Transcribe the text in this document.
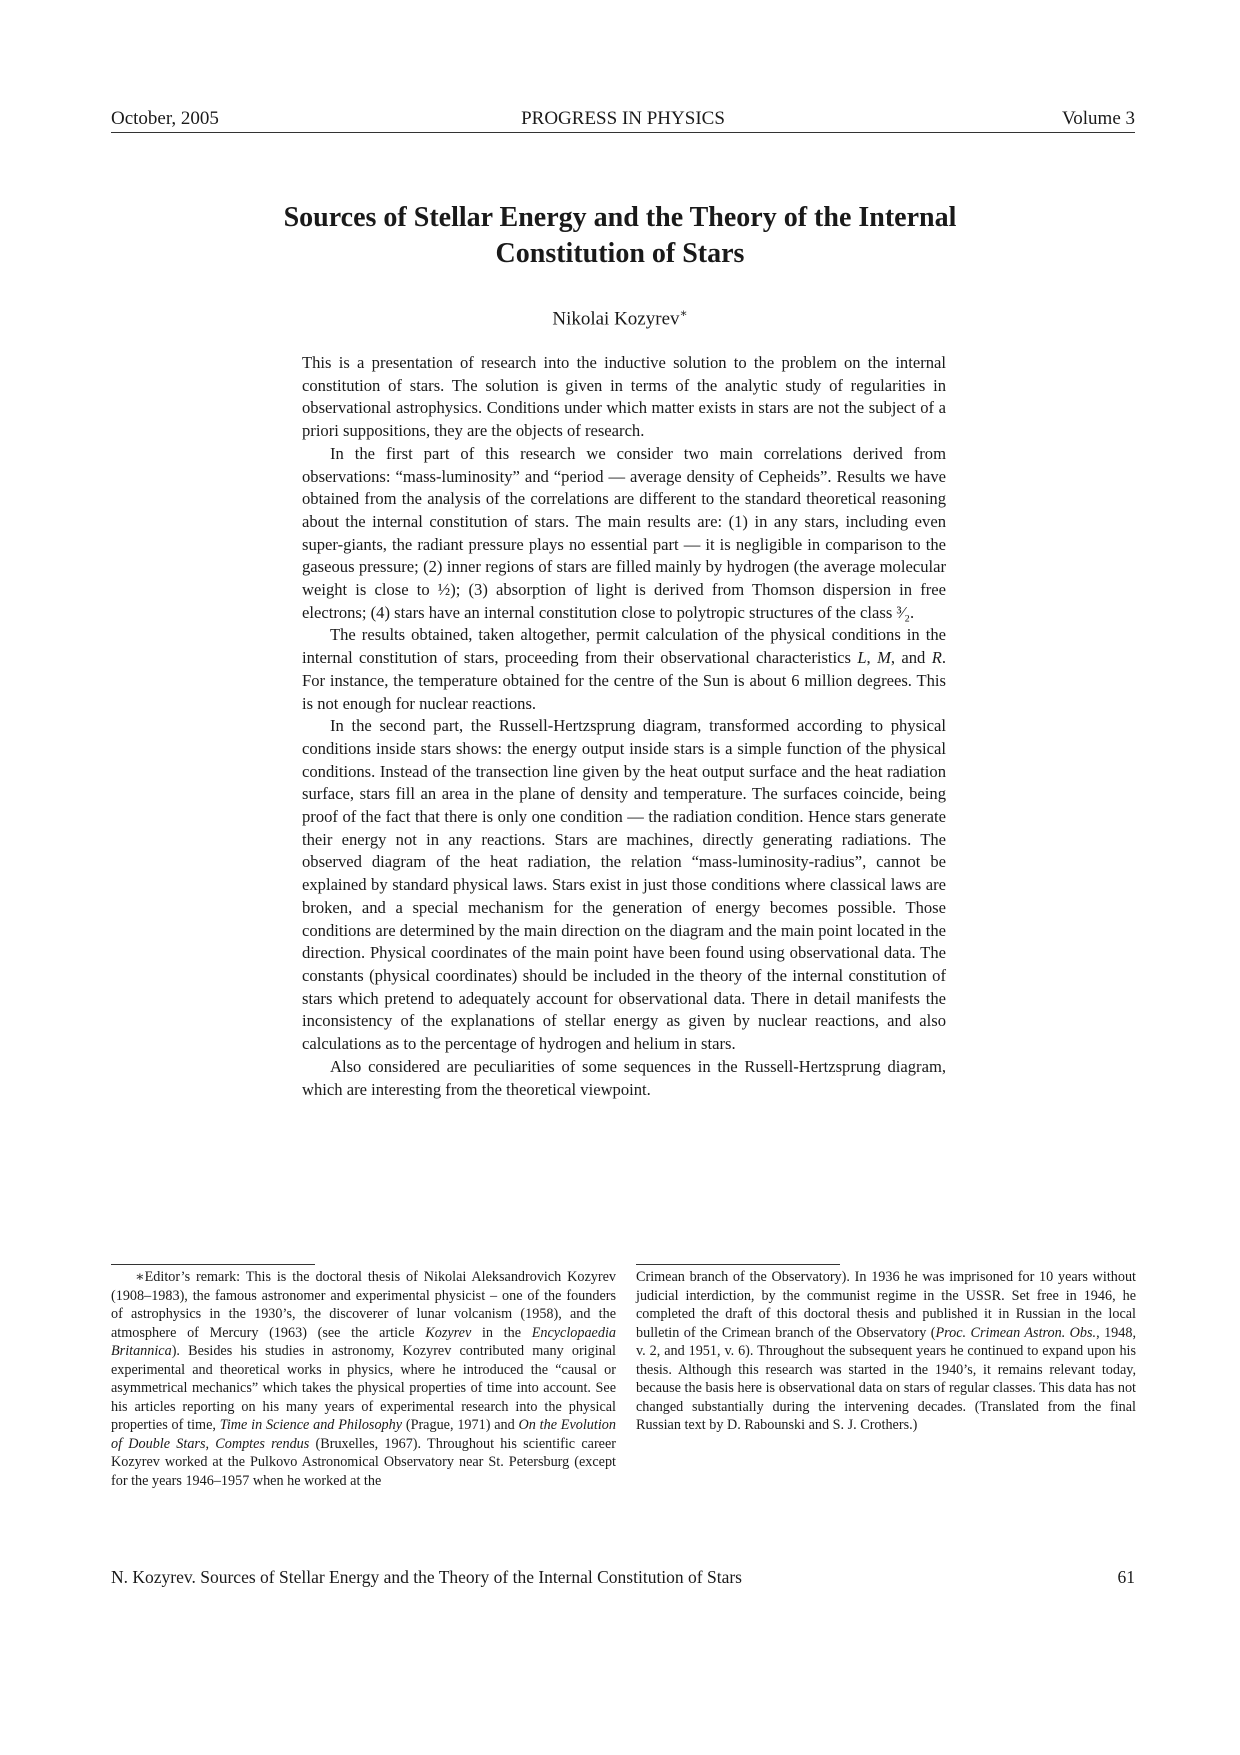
October, 2005	PROGRESS IN PHYSICS	Volume 3
Sources of Stellar Energy and the Theory of the Internal
Constitution of Stars
Nikolai Kozyrev∗

This is a presentation of research into the inductive solution to the problem on the internal constitution of stars. The solution is given in terms of the analytic study of regularities in observational astrophysics. Conditions under which matter exists in stars are not the subject of a priori suppositions, they are the objects of research.

In the first part of this research we consider two main correlations derived from observations: “mass-luminosity” and “period — average density of Cepheids”. Results we have obtained from the analysis of the correlations are different to the standard theoretical reasoning about the internal constitution of stars. The main results are: (1) in any stars, including even super-giants, the radiant pressure plays no essential part — it is negligible in comparison to the gaseous pressure; (2) inner regions of stars are filled mainly by hydrogen (the average molecular weight is close to ½); (3) absorption of light is derived from Thomson dispersion in free electrons; (4) stars have an internal constitution close to polytropic structures of the class ³⁄₂.

The results obtained, taken altogether, permit calculation of the physical conditions in the internal constitution of stars, proceeding from their observational characteristics L, M, and R. For instance, the temperature obtained for the centre of the Sun is about 6 million degrees. This is not enough for nuclear reactions.

In the second part, the Russell-Hertzsprung diagram, transformed according to physical conditions inside stars shows: the energy output inside stars is a simple function of the physical conditions. Instead of the transection line given by the heat output surface and the heat radiation surface, stars fill an area in the plane of density and temperature. The surfaces coincide, being proof of the fact that there is only one condition — the radiation condition. Hence stars generate their energy not in any reactions. Stars are machines, directly generating radiations. The observed diagram of the heat radiation, the relation “mass-luminosity-radius”, cannot be explained by standard physical laws. Stars exist in just those conditions where classical laws are broken, and a special mechanism for the generation of energy becomes possible. Those conditions are determined by the main direction on the diagram and the main point located in the direction. Physical coordinates of the main point have been found using observational data. The constants (physical coordinates) should be included in the theory of the internal constitution of stars which pretend to adequately account for observational data. There in detail manifests the inconsistency of the explanations of stellar energy as given by nuclear reactions, and also calculations as to the percentage of hydrogen and helium in stars.

Also considered are peculiarities of some sequences in the Russell-Hertzsprung diagram, which are interesting from the theoretical viewpoint.

∗Editor’s remark: This is the doctoral thesis of Nikolai Aleksandrovich Kozyrev (1908–1983), the famous astronomer and experimental physicist – one of the founders of astrophysics in the 1930’s, the discoverer of lunar volcanism (1958), and the atmosphere of Mercury (1963) (see the article Kozyrev in the Encyclopaedia Britannica). Besides his studies in astronomy, Kozyrev contributed many original experimental and theoretical works in physics, where he introduced the “causal or asymmetrical mechanics” which takes the physical properties of time into account. See his articles reporting on his many years of experimental research into the physical properties of time, Time in Science and Philosophy (Prague, 1971) and On the Evolution of Double Stars, Comptes rendus (Bruxelles, 1967). Throughout his scientific career Kozyrev worked at the Pulkovo Astronomical Observatory near St. Petersburg (except for the years 1946–1957 when he worked at the

Crimean branch of the Observatory). In 1936 he was imprisoned for 10 years without judicial interdiction, by the communist regime in the USSR. Set free in 1946, he completed the draft of this doctoral thesis and published it in Russian in the local bulletin of the Crimean branch of the Observatory (Proc. Crimean Astron. Obs., 1948, v. 2, and 1951, v. 6). Throughout the subsequent years he continued to expand upon his thesis. Although this research was started in the 1940’s, it remains relevant today, because the basis here is observational data on stars of regular classes. This data has not changed substantially during the intervening decades. (Translated from the final Russian text by D. Rabounski and S. J. Crothers.)

N. Kozyrev. Sources of Stellar Energy and the Theory of the Internal Constitution of Stars	61
